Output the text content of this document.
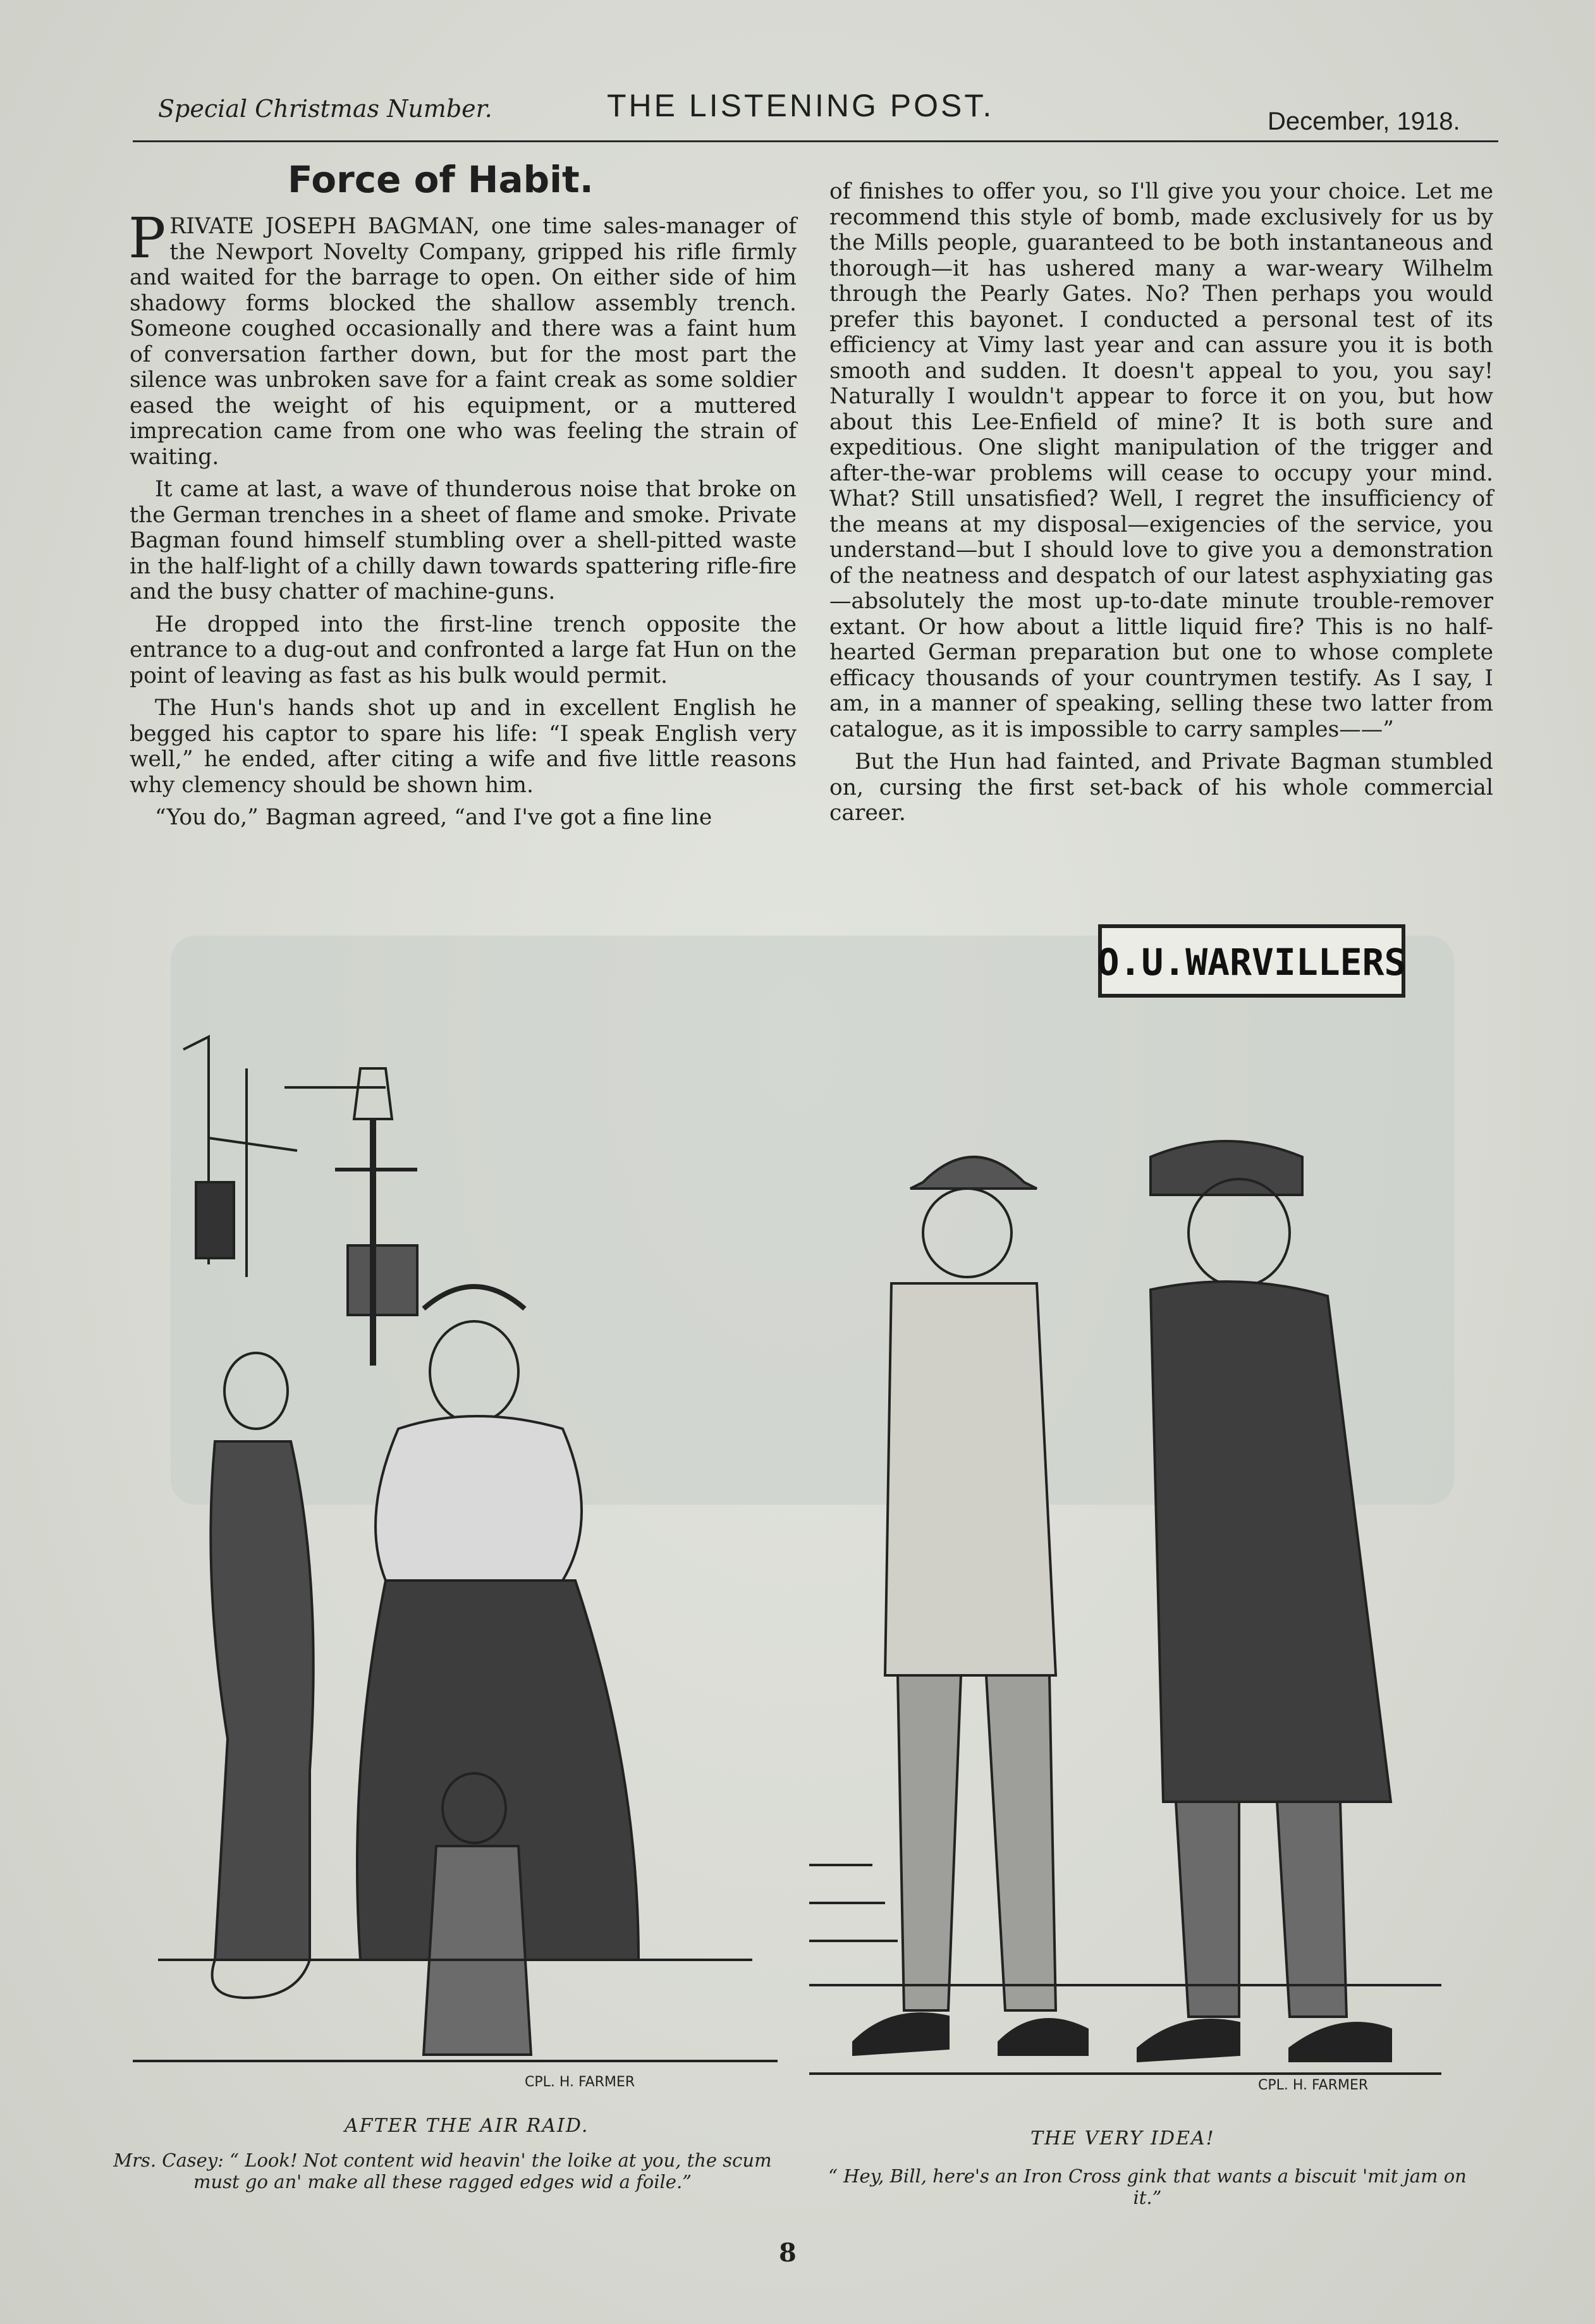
Special Christmas Number.	THE LISTENING POST.	December, 1918.
Force of Habit.

PRIVATE JOSEPH BAGMAN, one time sales-manager of the Newport Novelty Company, gripped his rifle firmly and waited for the barrage to open. On either side of him shadowy forms blocked the shallow assembly trench. Someone coughed occasionally and there was a faint hum of conversation farther down, but for the most part the silence was unbroken save for a faint creak as some soldier eased the weight of his equipment, or a muttered imprecation came from one who was feeling the strain of waiting.

It came at last, a wave of thunderous noise that broke on the German trenches in a sheet of flame and smoke. Private Bagman found himself stumbling over a shell-pitted waste in the half-light of a chilly dawn towards spattering rifle-fire and the busy chatter of machine-guns.

He dropped into the first-line trench opposite the entrance to a dug-out and confronted a large fat Hun on the point of leaving as fast as his bulk would permit.

The Hun's hands shot up and in excellent English he begged his captor to spare his life: “I speak English very well,” he ended, after citing a wife and five little reasons why clemency should be shown him.

“You do,” Bagman agreed, “and I've got a fine line

of finishes to offer you, so I'll give you your choice. Let me recommend this style of bomb, made exclusively for us by the Mills people, guaranteed to be both instantaneous and thorough—it has ushered many a war-weary Wilhelm through the Pearly Gates. No? Then perhaps you would prefer this bayonet. I conducted a personal test of its efficiency at Vimy last year and can assure you it is both smooth and sudden. It doesn't appeal to you, you say! Naturally I wouldn't appear to force it on you, but how about this Lee-Enfield of mine? It is both sure and expeditious. One slight manipulation of the trigger and after-the-war problems will cease to occupy your mind. What? Still unsatisfied? Well, I regret the insufficiency of the means at my disposal—exigencies of the service, you understand—but I should love to give you a demonstration of the neatness and despatch of our latest asphyxiating gas—absolutely the most up-to-date minute trouble-remover extant. Or how about a little liquid fire? This is no half-hearted German preparation but one to whose complete efficacy thousands of your countrymen testify. As I say, I am, in a manner of speaking, selling these two latter from catalogue, as it is impossible to carry samples——”

But the Hun had fainted, and Private Bagman stumbled on, cursing the first set-back of his whole commercial career.

CPL. H. FARMER
AFTER THE AIR RAID.
Mrs. Casey: “ Look! Not content wid heavin' the loike at you, the scum must go an' make all these ragged edges wid a foile.”
O.U.WARVILLERS
CPL. H. FARMER
THE VERY IDEA!
“ Hey, Bill, here's an Iron Cross gink that wants a biscuit 'mit jam on it.”
8
